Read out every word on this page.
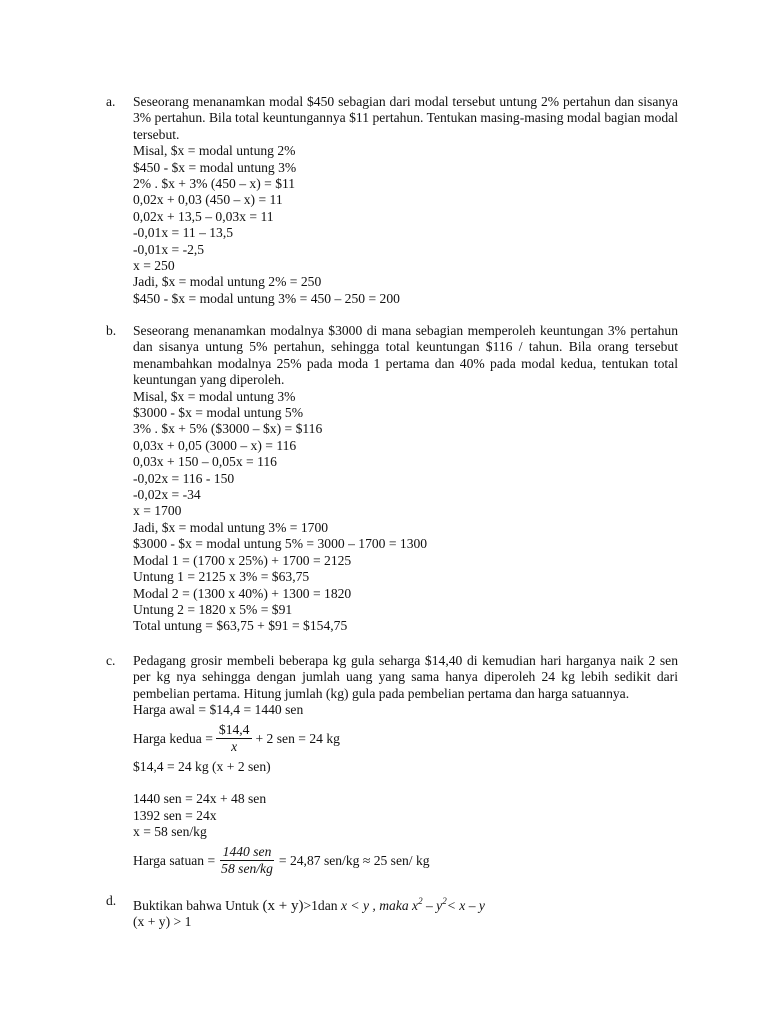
a. Seseorang menanamkan modal $450 sebagian dari modal tersebut untung 2% pertahun dan sisanya 3% pertahun. Bila total keuntungannya $11 pertahun. Tentukan masing-masing modal bagian modal tersebut.

Misal, $x = modal untung 2%

$450 - $x = modal untung 3%

2% . $x + 3% (450 – x) = $11

0,02x + 0,03 (450 – x) = 11

0,02x + 13,5 – 0,03x = 11

-0,01x = 11 – 13,5

-0,01x = -2,5

x = 250

Jadi, $x = modal untung 2% = 250

$450 - $x = modal untung 3% = 450 – 250 = 200

b. Seseorang menanamkan modalnya $3000 di mana sebagian memperoleh keuntungan 3% pertahun dan sisanya untung 5% pertahun, sehingga total keuntungan $116 / tahun. Bila orang tersebut menambahkan modalnya 25% pada moda 1 pertama dan 40% pada modal kedua, tentukan total keuntungan yang diperoleh.

Misal, $x = modal untung 3%

$3000 - $x = modal untung 5%

3% . $x + 5% ($3000 – $x) = $116

0,03x + 0,05 (3000 – x) = 116

0,03x + 150 – 0,05x = 116

-0,02x = 116 - 150

-0,02x = -34

x = 1700

Jadi, $x = modal untung 3% = 1700

$3000 - $x = modal untung 5% = 3000 – 1700 = 1300

Modal 1 = (1700 x 25%) + 1700 = 2125

Untung 1 = 2125 x 3% = $63,75

Modal 2 = (1300 x 40%) + 1300 = 1820

Untung 2 = 1820 x 5% = $91

Total untung = $63,75 + $91 = $154,75

c. Pedagang grosir membeli beberapa kg gula seharga $14,40 di kemudian hari harganya naik 2 sen per kg nya sehingga dengan jumlah uang yang sama hanya diperoleh 24 kg lebih sedikit dari pembelian pertama. Hitung jumlah (kg) gula pada pembelian pertama dan harga satuannya.

Harga awal = $14,4 = 1440 sen

Harga kedua = $\frac{\$14,4}{x} + 2$ sen = 24 kg

$14,4 = 24 kg (x + 2 sen)

1440 sen = 24x + 48 sen

1392 sen = 24x

x = 58 sen/kg

Harga satuan = $\frac{\text{1440 sen}}{\text{58 sen/kg}} = 24,87$ sen/kg ≈ 25 sen/ kg
d. Buktikan bahwa Untuk (x + y)>1dan x < y , maka $x^2 - y^2< x - y$

(x + y) > 1
